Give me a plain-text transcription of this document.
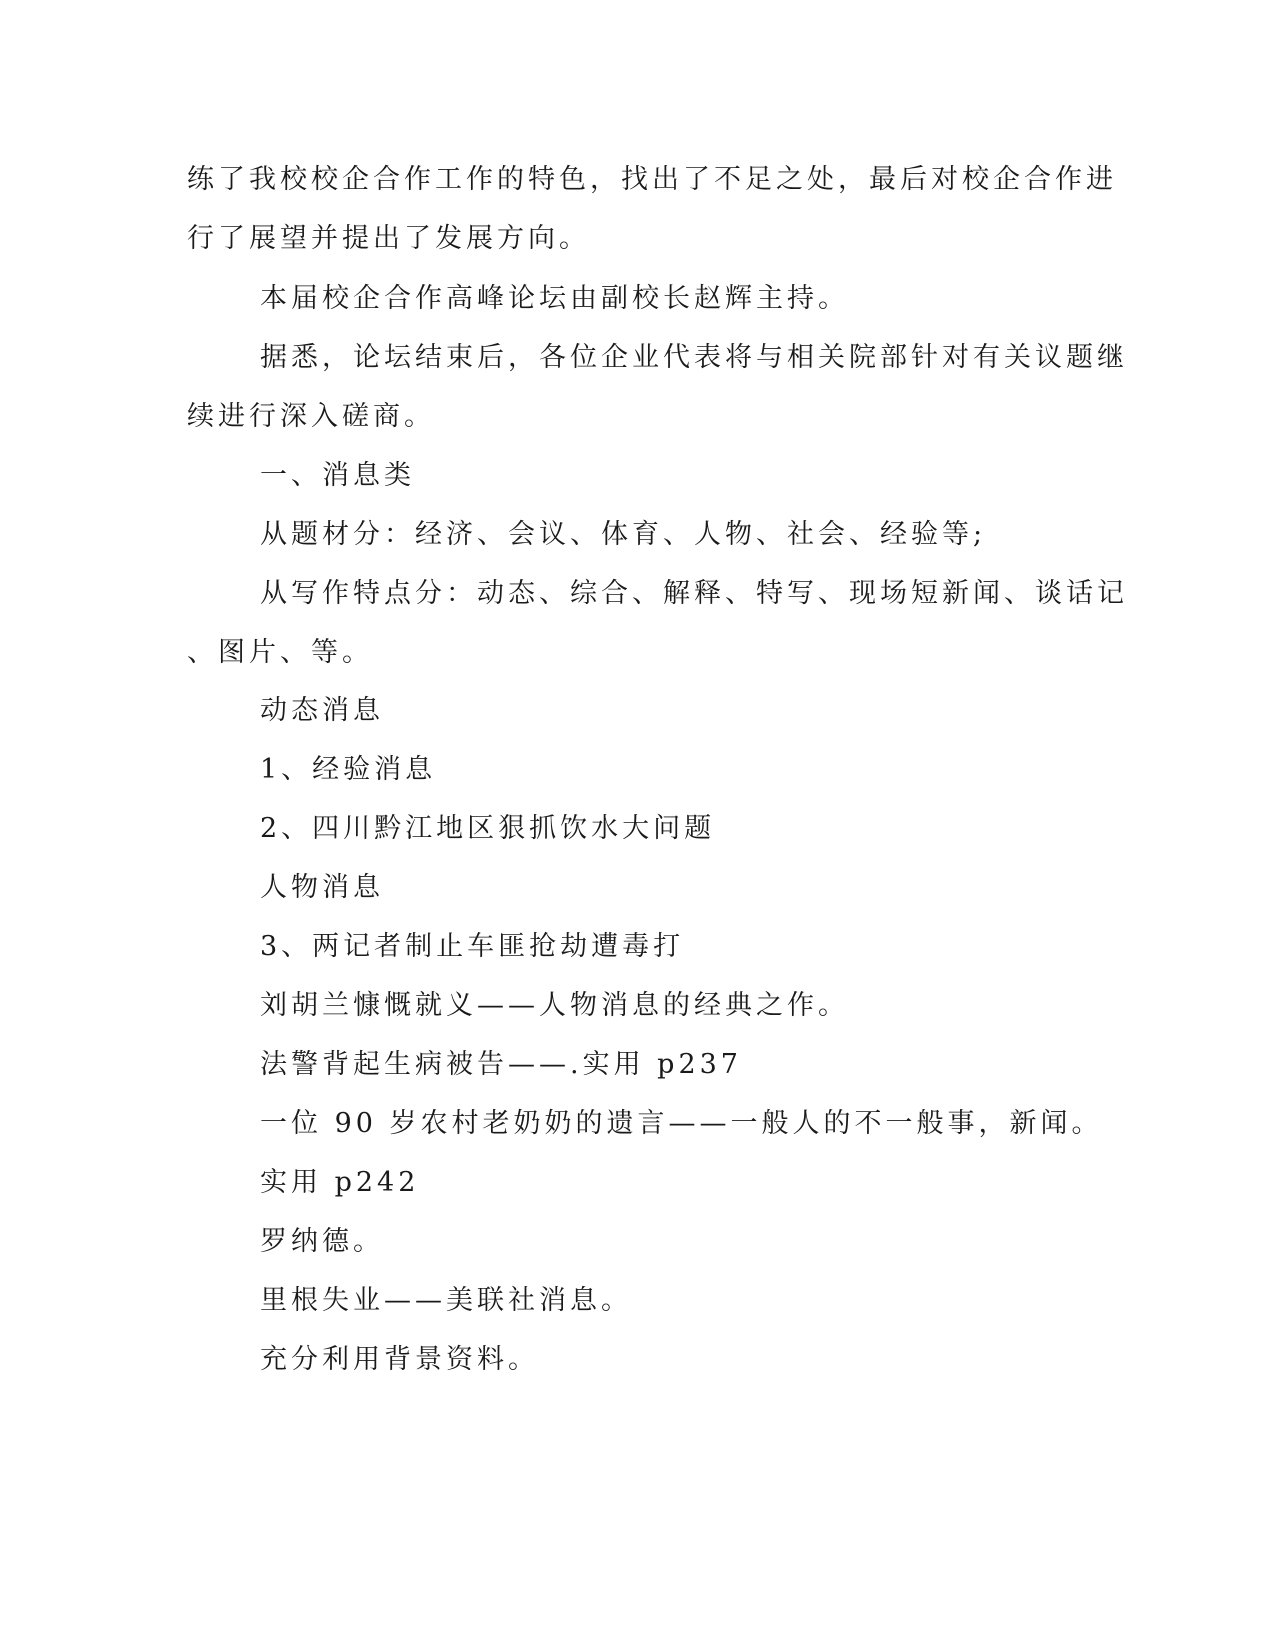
练了我校校企合作工作的特色，找出了不足之处，最后对校企合作进
行了展望并提出了发展方向。
本届校企合作高峰论坛由副校长赵辉主持。
据悉，论坛结束后，各位企业代表将与相关院部针对有关议题继
续进行深入磋商。
一、消息类
从题材分：经济、会议、体育、人物、社会、经验等;
从写作特点分：动态、综合、解释、特写、现场短新闻、谈话记
、图片、等。
动态消息
1、经验消息
2、四川黔江地区狠抓饮水大问题
人物消息
3、两记者制止车匪抢劫遭毒打
刘胡兰慷慨就义——人物消息的经典之作。
法警背起生病被告——.实用 p237
一位 90 岁农村老奶奶的遗言——一般人的不一般事，新闻。
实用 p242
罗纳德。
里根失业——美联社消息。
充分利用背景资料。
